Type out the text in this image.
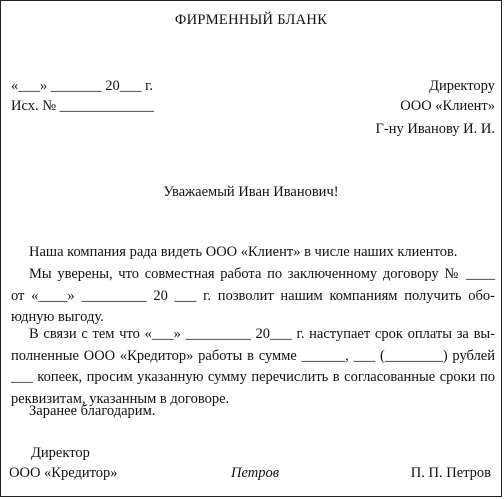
ФИРМЕННЫЙ БЛАНК
«___» _______ 20___ г.
Исх. № _____________
Директору
ООО «Клиент»
Г-ну Иванову И. И.
Уважаемый Иван Иванович!
Наша компания рада видеть ООО «Клиент» в числе наших клиентов.
Мы уверены, что совместная работа по заключенному договору № ____
от «____» _________ 20 ___ г. позволит нашим компаниям получить обо-
юдную выгоду.
В связи с тем что «___» _________ 20___ г. наступает срок оплаты за вы-
полненные ООО «Кредитор» работы в сумме ______, ___ (________) рублей
___ копеек, просим указанную сумму перечислить в согласованные сроки по
реквизитам, указанным в договоре.
Заранее благодарим.
Директор
ООО «Кредитор»	Петров	П. П. Петров
